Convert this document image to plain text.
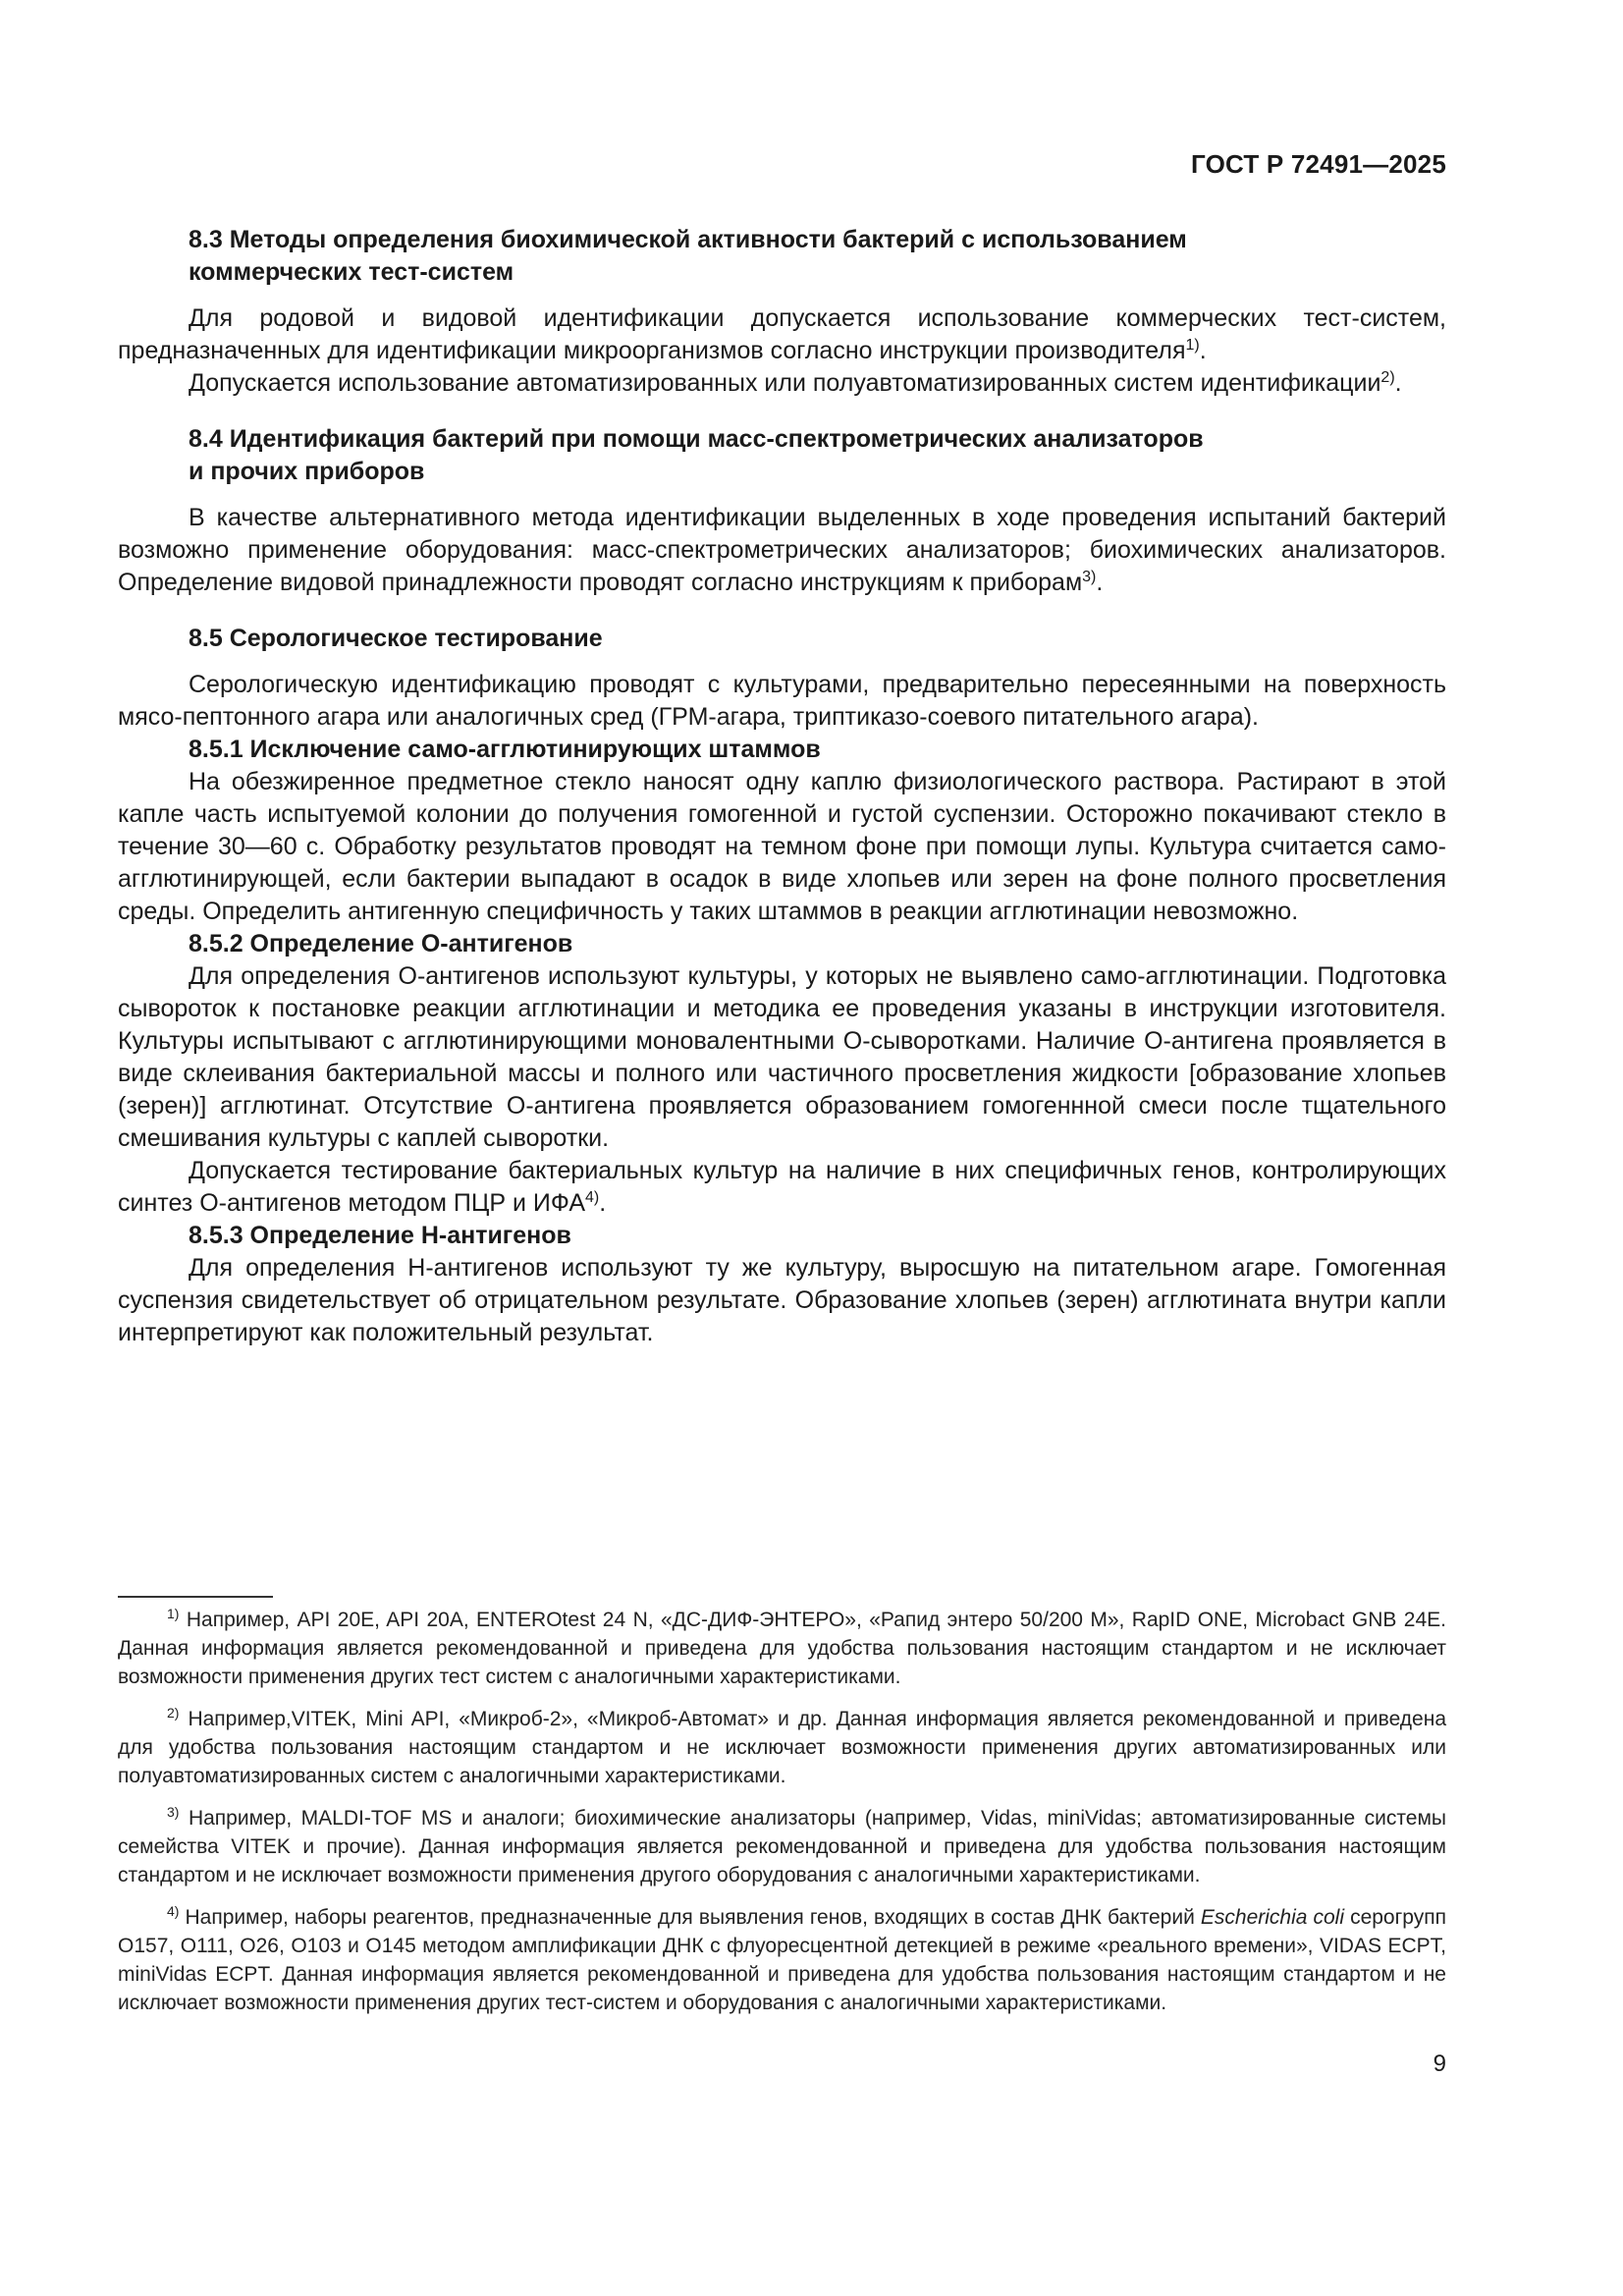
ГОСТ Р 72491—2025

8.3 Методы определения биохимической активности бактерий с использованием
коммерческих тест-систем

Для родовой и видовой идентификации допускается использование коммерческих тест-систем, предназначенных для идентификации микроорганизмов согласно инструкции производителя$^{1)}$.

Допускается использование автоматизированных или полуавтоматизированных систем идентификации$^{2)}$.

8.4 Идентификация бактерий при помощи масс-спектрометрических анализаторов
и прочих приборов

В качестве альтернативного метода идентификации выделенных в ходе проведения испытаний бактерий возможно применение оборудования: масс-спектрометрических анализаторов; биохимических анализаторов. Определение видовой принадлежности проводят согласно инструкциям к приборам$^{3)}$.

8.5 Серологическое тестирование

Серологическую идентификацию проводят с культурами, предварительно пересеянными на поверхность мясо-пептонного агара или аналогичных сред (ГРМ-агара, триптиказо-соевого питательного агара).

8.5.1 Исключение само-агглютинирующих штаммов

На обезжиренное предметное стекло наносят одну каплю физиологического раствора. Растирают в этой капле часть испытуемой колонии до получения гомогенной и густой суспензии. Осторожно покачивают стекло в течение 30—60 с. Обработку результатов проводят на темном фоне при помощи лупы. Культура считается само-агглютинирующей, если бактерии выпадают в осадок в виде хлопьев или зерен на фоне полного просветления среды. Определить антигенную специфичность у таких штаммов в реакции агглютинации невозможно.

8.5.2 Определение О-антигенов

Для определения О-антигенов используют культуры, у которых не выявлено само-агглютинации. Подготовка сывороток к постановке реакции агглютинации и методика ее проведения указаны в инструкции изготовителя. Культуры испытывают с агглютинирующими моновалентными О-сыворотками. Наличие О-антигена проявляется в виде склеивания бактериальной массы и полного или частичного просветления жидкости [образование хлопьев (зерен)] агглютинат. Отсутствие О-антигена проявляется образованием гомогеннной смеси после тщательного смешивания культуры с каплей сыворотки.

Допускается тестирование бактериальных культур на наличие в них специфичных генов, контролирующих синтез О-антигенов методом ПЦР и ИФА$^{4)}$.

8.5.3 Определение Н-антигенов

Для определения Н-антигенов используют ту же культуру, выросшую на питательном агаре. Гомогенная суспензия свидетельствует об отрицательном результате. Образование хлопьев (зерен) агглютината внутри капли интерпретируют как положительный результат.

$^{1)}$ Например, API 20E, API 20A, ENTEROtest 24 N, «ДС-ДИФ-ЭНТЕРО», «Рапид энтеро 50/200 М», RapID ONE, Microbact GNB 24E. Данная информация является рекомендованной и приведена для удобства пользования настоящим стандартом и не исключает возможности применения других тест систем с аналогичными характеристиками.

$^{2)}$ Например,VITEK, Mini API, «Микроб-2», «Микроб-Автомат» и др. Данная информация является рекомендованной и приведена для удобства пользования настоящим стандартом и не исключает возможности применения других автоматизированных или полуавтоматизированных систем с аналогичными характеристиками.

$^{3)}$ Например, MALDI-TOF MS и аналоги; биохимические анализаторы (например, Vidas, miniVidas; автоматизированные системы семейства VITEK и прочие). Данная информация является рекомендованной и приведена для удобства пользования настоящим стандартом и не исключает возможности применения другого оборудования с аналогичными характеристиками.

$^{4)}$ Например, наборы реагентов, предназначенные для выявления генов, входящих в состав ДНК бактерий Escherichia coli серогрупп О157, О111, О26, О103 и О145 методом амплификации ДНК с флуоресцентной детекцией в режиме «реального времени», VIDAS ECPT, miniVidas ECPT. Данная информация является рекомендованной и приведена для удобства пользования настоящим стандартом и не исключает возможности применения других тест-систем и оборудования с аналогичными характеристиками.

9
